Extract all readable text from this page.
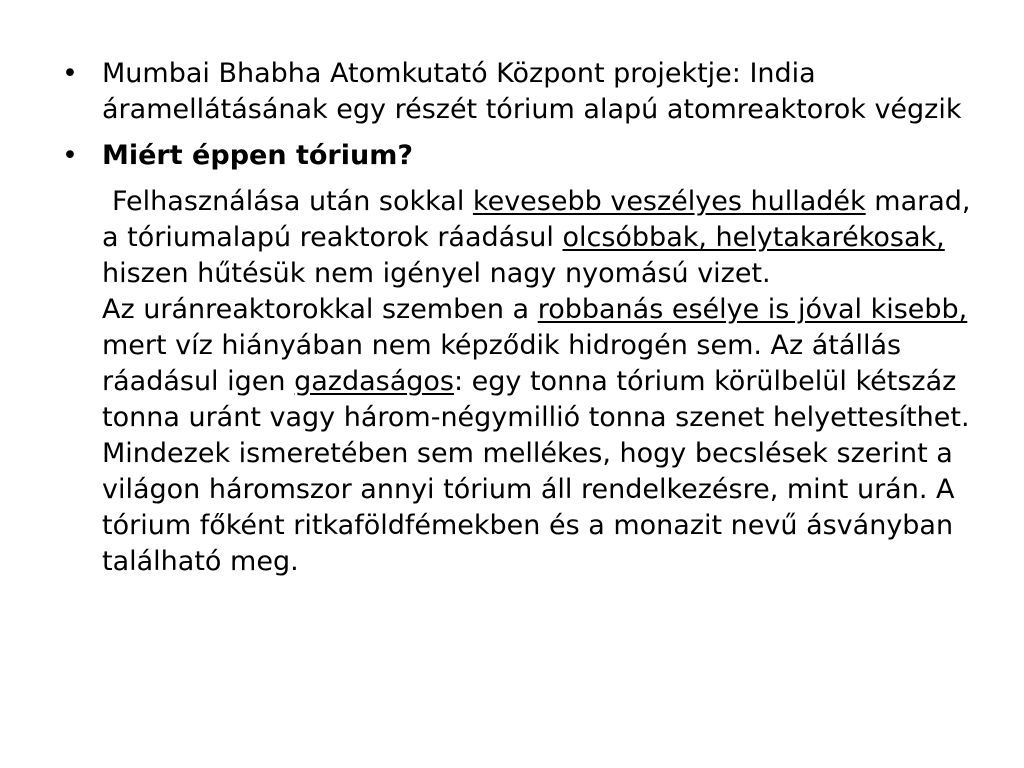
• Mumbai Bhabha Atomkutató Központ projektje: India áramellátásának egy részét tórium alapú atomreaktorok végzik
• Miért éppen tórium?
Felhasználása után sokkal kevesebb veszélyes hulladék marad, a tóriumalapú reaktorok ráadásul olcsóbbak, helytakarékosak, hiszen hűtésük nem igényel nagy nyomású vizet.
Az uránreaktorokkal szemben a robbanás esélye is jóval kisebb, mert víz hiányában nem képződik hidrogén sem. Az átállás ráadásul igen gazdaságos: egy tonna tórium körülbelül kétszáz tonna uránt vagy három-négymillió tonna szenet helyettesíthet.
Mindezek ismeretében sem mellékes, hogy becslések szerint a világon háromszor annyi tórium áll rendelkezésre, mint urán. A tórium főként ritkaföldfémekben és a monazit nevű ásványban található meg.
